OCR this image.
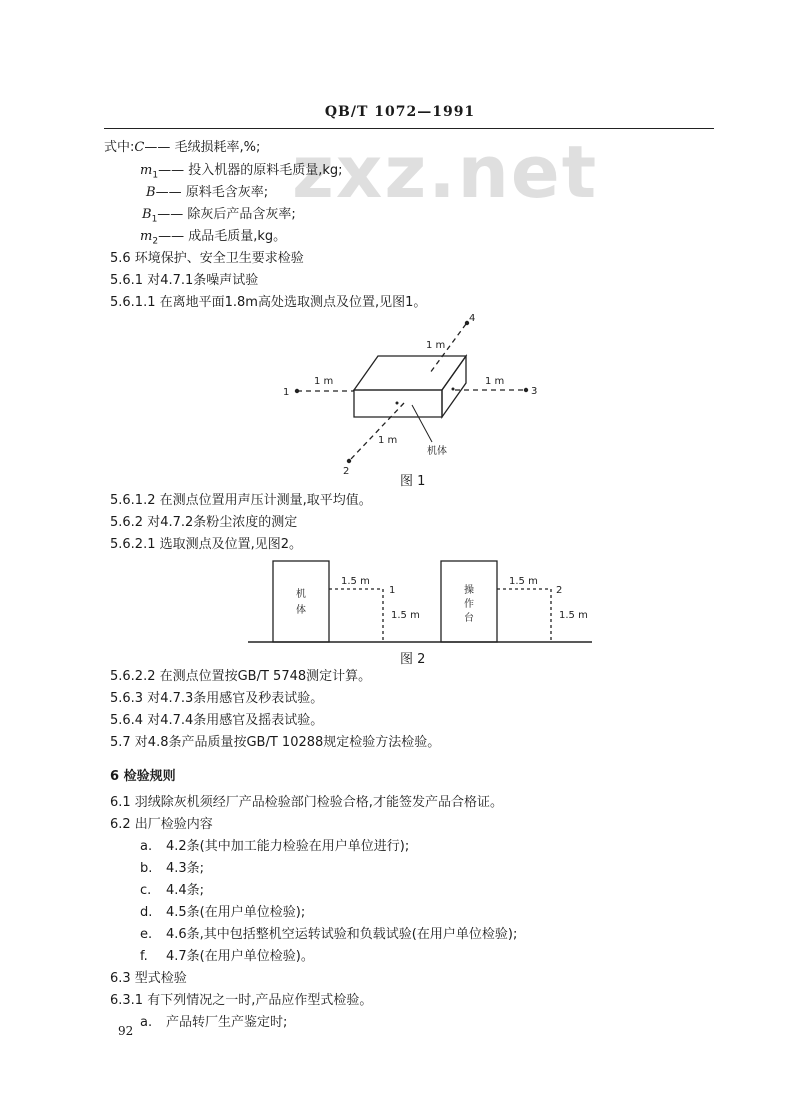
QB/T 1072—1991
zxz.net
式中:C—— 毛绒损耗率,%;
$m_1——$ 投入机器的原料毛质量,kg;
B—— 原料毛含灰率;
$B_1——$ 除灰后产品含灰率;
$m_2——$ 成品毛质量,kg。
5.6 环境保护、安全卫生要求检验
5.6.1 对4.7.1条噪声试验
5.6.1.1 在离地平面1.8m高处选取测点及位置,见图1。
1	3
2
4
1 m	1 m
1 m
1 m
机体
机
体
操
作
台
1.5 m
1
1.5 m
1.5 m
2
1.5 m
图 1
5.6.1.2 在测点位置用声压计测量,取平均值。
5.6.2 对4.7.2条粉尘浓度的测定
5.6.2.1 选取测点及位置,见图2。
图 2
5.6.2.2 在测点位置按GB/T 5748测定计算。
5.6.3 对4.7.3条用感官及秒表试验。
5.6.4 对4.7.4条用感官及摇表试验。
5.7 对4.8条产品质量按GB/T 10288规定检验方法检验。
6 检验规则
6.1 羽绒除灰机须经厂产品检验部门检验合格,才能签发产品合格证。
6.2 出厂检验内容
a. 4.2条(其中加工能力检验在用户单位进行);
b. 4.3条;
c. 4.4条;
d. 4.5条(在用户单位检验);
e. 4.6条,其中包括整机空运转试验和负载试验(在用户单位检验);
f. 4.7条(在用户单位检验)。
6.3 型式检验
6.3.1 有下列情况之一时,产品应作型式检验。
a. 产品转厂生产鉴定时;
92
